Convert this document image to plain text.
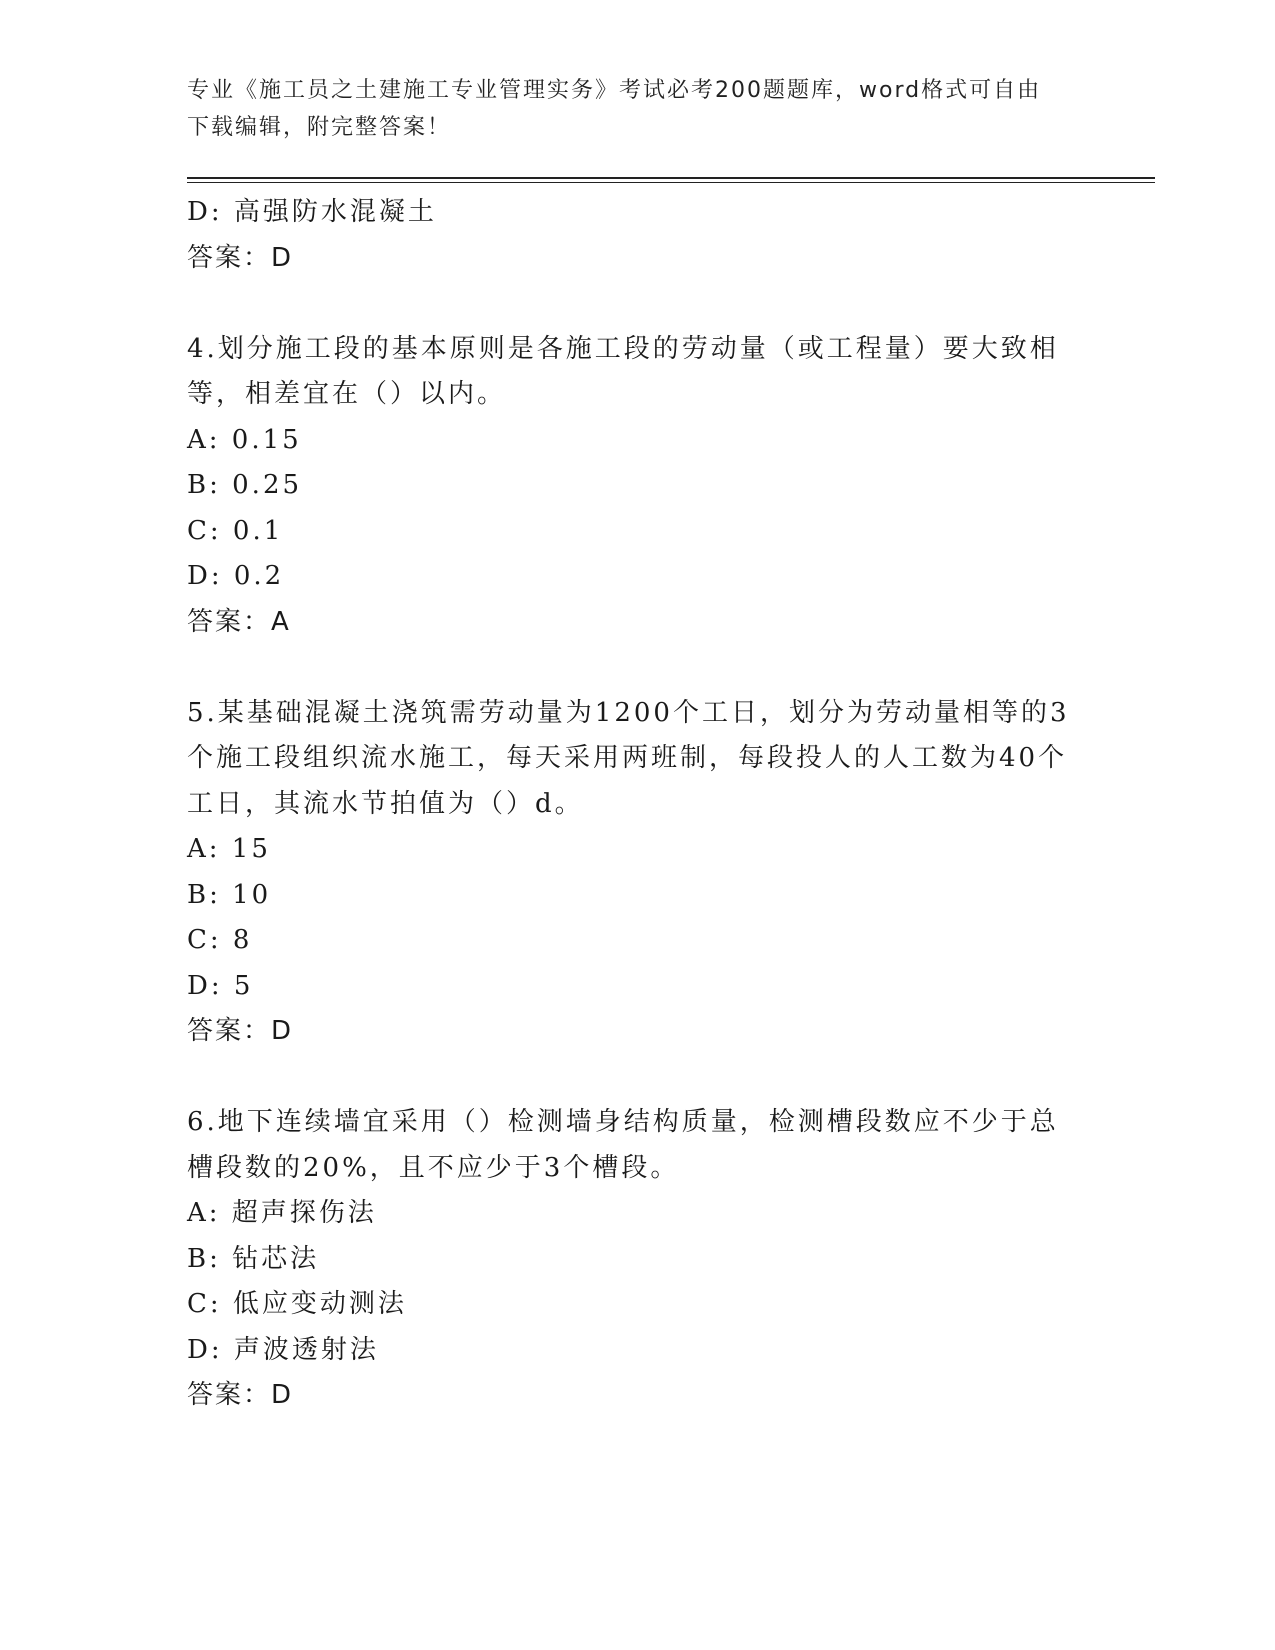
专业《施工员之土建施工专业管理实务》考试必考200题题库，word格式可自由
下载编辑，附完整答案！
D: 高强防水混凝土
答案：D
4.划分施工段的基本原则是各施工段的劳动量（或工程量）要大致相
等，相差宜在（）以内。
A: 0.15
B: 0.25
C: 0.1
D: 0.2
答案：A
5.某基础混凝土浇筑需劳动量为1200个工日，划分为劳动量相等的3
个施工段组织流水施工，每天采用两班制，每段投人的人工数为40个
工日，其流水节拍值为（）d。
A: 15
B: 10
C: 8
D: 5
答案：D
6.地下连续墙宜采用（）检测墙身结构质量，检测槽段数应不少于总
槽段数的20%，且不应少于3个槽段。
A: 超声探伤法
B: 钻芯法
C: 低应变动测法
D: 声波透射法
答案：D
